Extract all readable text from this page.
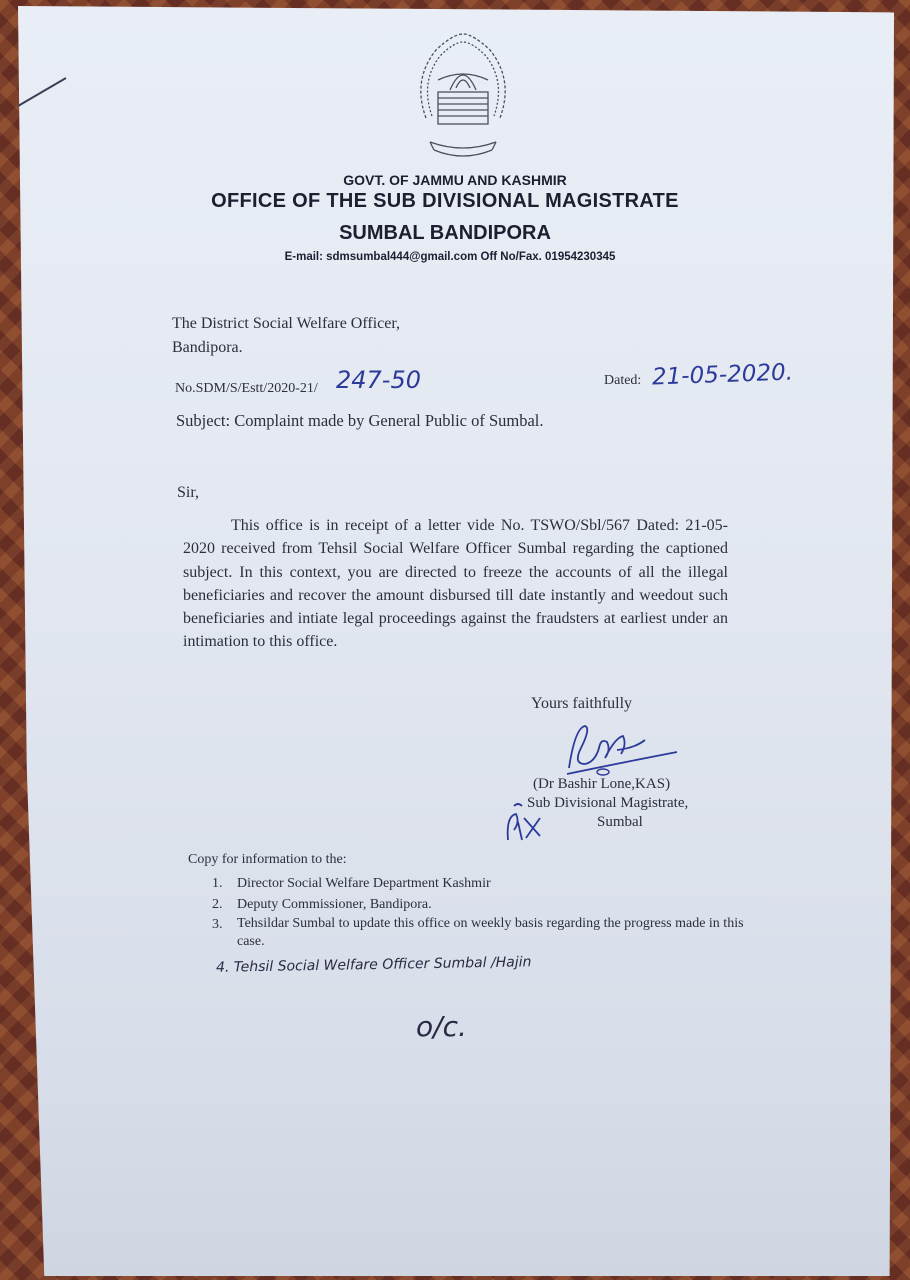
GOVT. OF JAMMU AND KASHMIR
OFFICE OF THE SUB DIVISIONAL MAGISTRATE
SUMBAL BANDIPORA
E-mail: sdmsumbal444@gmail.com Off No/Fax. 01954230345
The District Social Welfare Officer,
Bandipora.
No.SDM/S/Estt/2020-21/ 247-50	Dated: 21-05-2020.
Subject: Complaint made by General Public of Sumbal.
Sir,
This office is in receipt of a letter vide No. TSWO/Sbl/567 Dated: 21-05-2020 received from Tehsil Social Welfare Officer Sumbal regarding the captioned subject. In this context, you are directed to freeze the accounts of all the illegal beneficiaries and recover the amount disbursed till date instantly and weedout such beneficiaries and intiate legal proceedings against the fraudsters at earliest under an intimation to this office.
Yours faithfully
(Dr Bashir Lone,KAS)
Sub Divisional Magistrate,
Sumbal
Copy for information to the:
1.	Director Social Welfare Department Kashmir
2.	Deputy Commissioner, Bandipora.
3.	Tehsildar Sumbal to update this office on weekly basis regarding the progress made in this case.
4. Tehsil Social Welfare Officer Sumbal /Hajin
o/c.
